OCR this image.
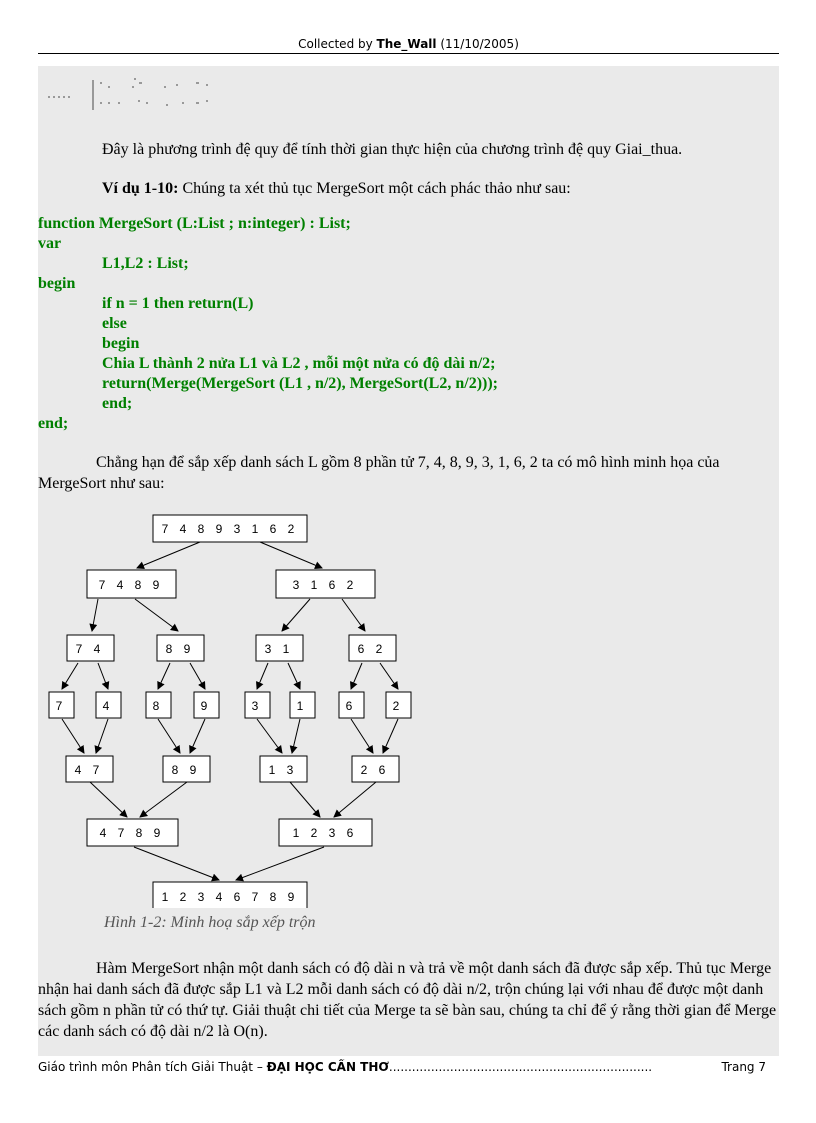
Collected by The_Wall (11/10/2005)

Đây là phương trình đệ quy để tính thời gian thực hiện của chương trình đệ quy Giai_thua.

Ví dụ 1-10: Chúng ta xét thủ tục MergeSort một cách phác thảo như sau:

function MergeSort (L:List ; n:integer) : List;
var
L1,L2 : List;
begin
if n = 1 then return(L)
else
begin
Chia L thành 2 nửa L1 và L2 , mỗi một nửa có độ dài n/2;
return(Merge(MergeSort (L1 , n/2), MergeSort(L2, n/2)));
end;
end;

Chẳng hạn để sắp xếp danh sách L gồm 8 phần tử 7, 4, 8, 9, 3, 1, 6, 2 ta có mô hình minh họa của MergeSort như sau:

7 4 8 9 3 1 6 2
7 4 8 9	3 1 6 2
7 4	8 9	3 1	6 2
7	4	8	9	3	1	6	2
4 7	8 9	1 3	2 6
4 7 8 9	1 2 3 6
1 2 3 4 6 7 8 9
Hình 1-2: Minh hoạ sắp xếp trộn

Hàm MergeSort nhận một danh sách có độ dài n và trả về một danh sách đã được sắp xếp. Thủ tục Merge nhận hai danh sách đã được sắp L1 và L2 mỗi danh sách có độ dài n/2, trộn chúng lại với nhau để được một danh sách gồm n phần tử có thứ tự. Giải thuật chi tiết của Merge ta sẽ bàn sau, chúng ta chỉ để ý rằng thời gian để Merge các danh sách có độ dài n/2 là O(n).

Giáo trình môn Phân tích Giải Thuật – ĐẠI HỌC CẦN THƠ.....................................................................	Trang 7
